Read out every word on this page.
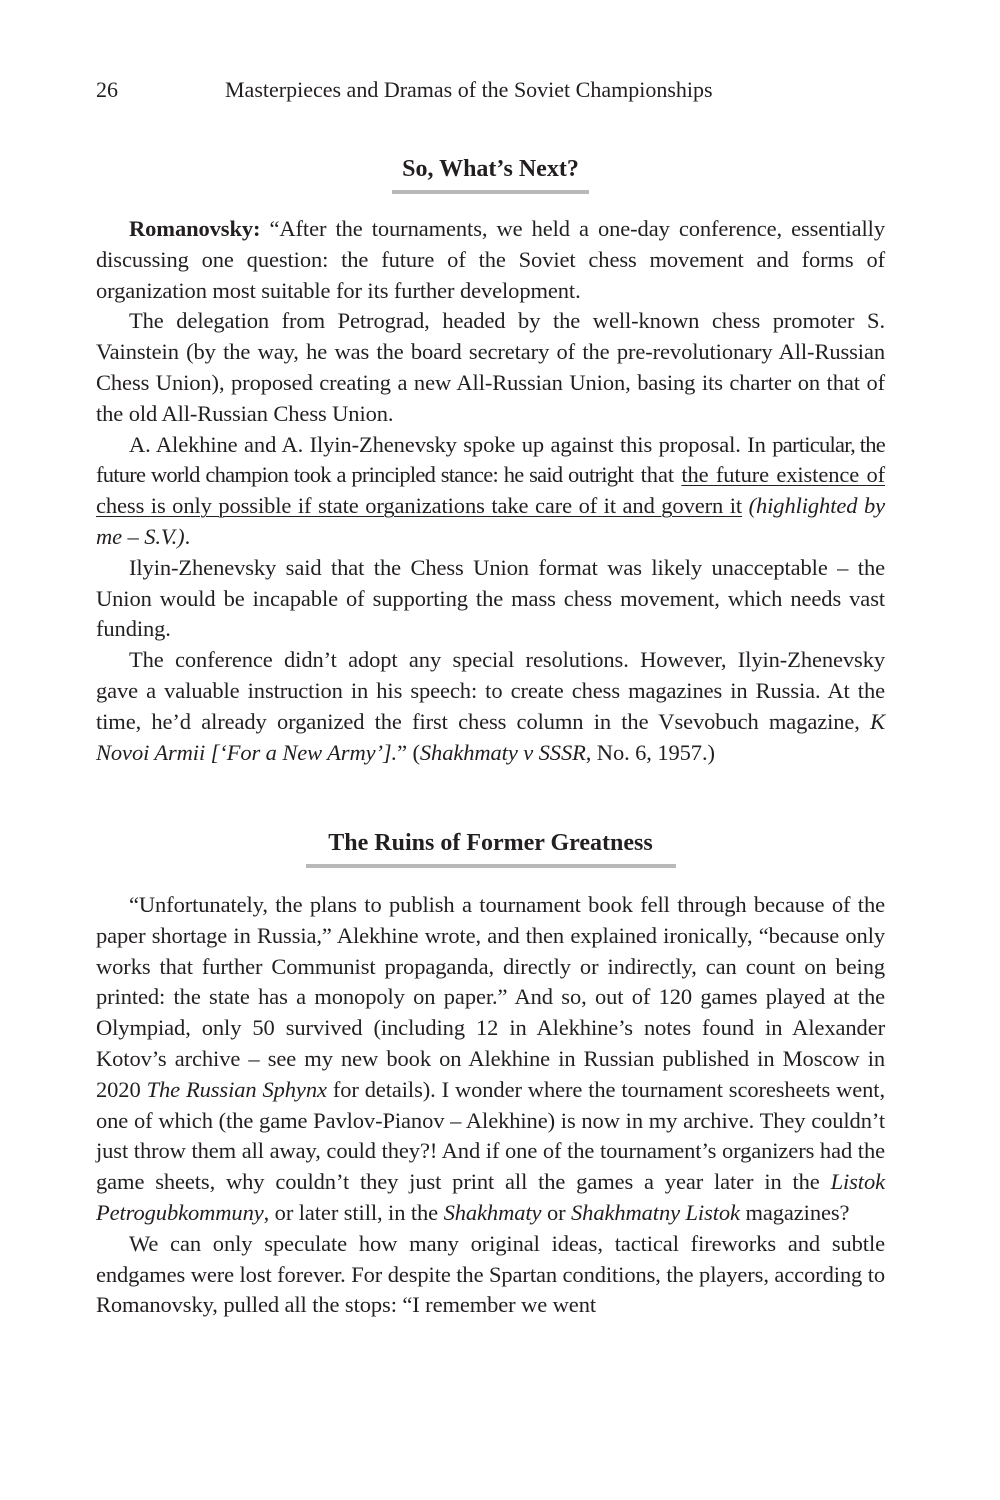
26	Masterpieces and Dramas of the Soviet Championships
So, What’s Next?

Romanovsky: “After the tournaments, we held a one-day conference, essentially discussing one question: the future of the Soviet chess movement and forms of organization most suitable for its further development.

The delegation from Petrograd, headed by the well-known chess promoter S. Vainstein (by the way, he was the board secretary of the pre-revolutionary All-Russian Chess Union), proposed creating a new All-Russian Union, basing its charter on that of the old All-Russian Chess Union.

A. Alekhine and A. Ilyin-Zhenevsky spoke up against this proposal. In particular, the future world champion took a principled stance: he said outright that the future existence of chess is only possible if state organizations take care of it and govern it (highlighted by me – S.V.).

Ilyin-Zhenevsky said that the Chess Union format was likely unacceptable – the Union would be incapable of supporting the mass chess movement, which needs vast funding.

The conference didn’t adopt any special resolutions. However, Ilyin-Zhenevsky gave a valuable instruction in his speech: to create chess magazines in Russia. At the time, he’d already organized the first chess column in the Vsevobuch magazine, K Novoi Armii [‘For a New Army’].” (Shakhmaty v SSSR, No. 6, 1957.)

The Ruins of Former Greatness

“Unfortunately, the plans to publish a tournament book fell through because of the paper shortage in Russia,” Alekhine wrote, and then explained ironically, “because only works that further Communist propaganda, directly or indirectly, can count on being printed: the state has a monopoly on paper.” And so, out of 120 games played at the Olympiad, only 50 survived (including 12 in Alekhine’s notes found in Alexander Kotov’s archive – see my new book on Alekhine in Russian published in Moscow in 2020 The Russian Sphynx for details). I wonder where the tournament scoresheets went, one of which (the game Pavlov-Pianov – Alekhine) is now in my archive. They couldn’t just throw them all away, could they?! And if one of the tournament’s organizers had the game sheets, why couldn’t they just print all the games a year later in the Listok Petrogubkommuny, or later still, in the Shakhmaty or Shakhmatny Listok magazines?

We can only speculate how many original ideas, tactical fireworks and subtle endgames were lost forever. For despite the Spartan conditions, the players, according to Romanovsky, pulled all the stops: “I remember we went
